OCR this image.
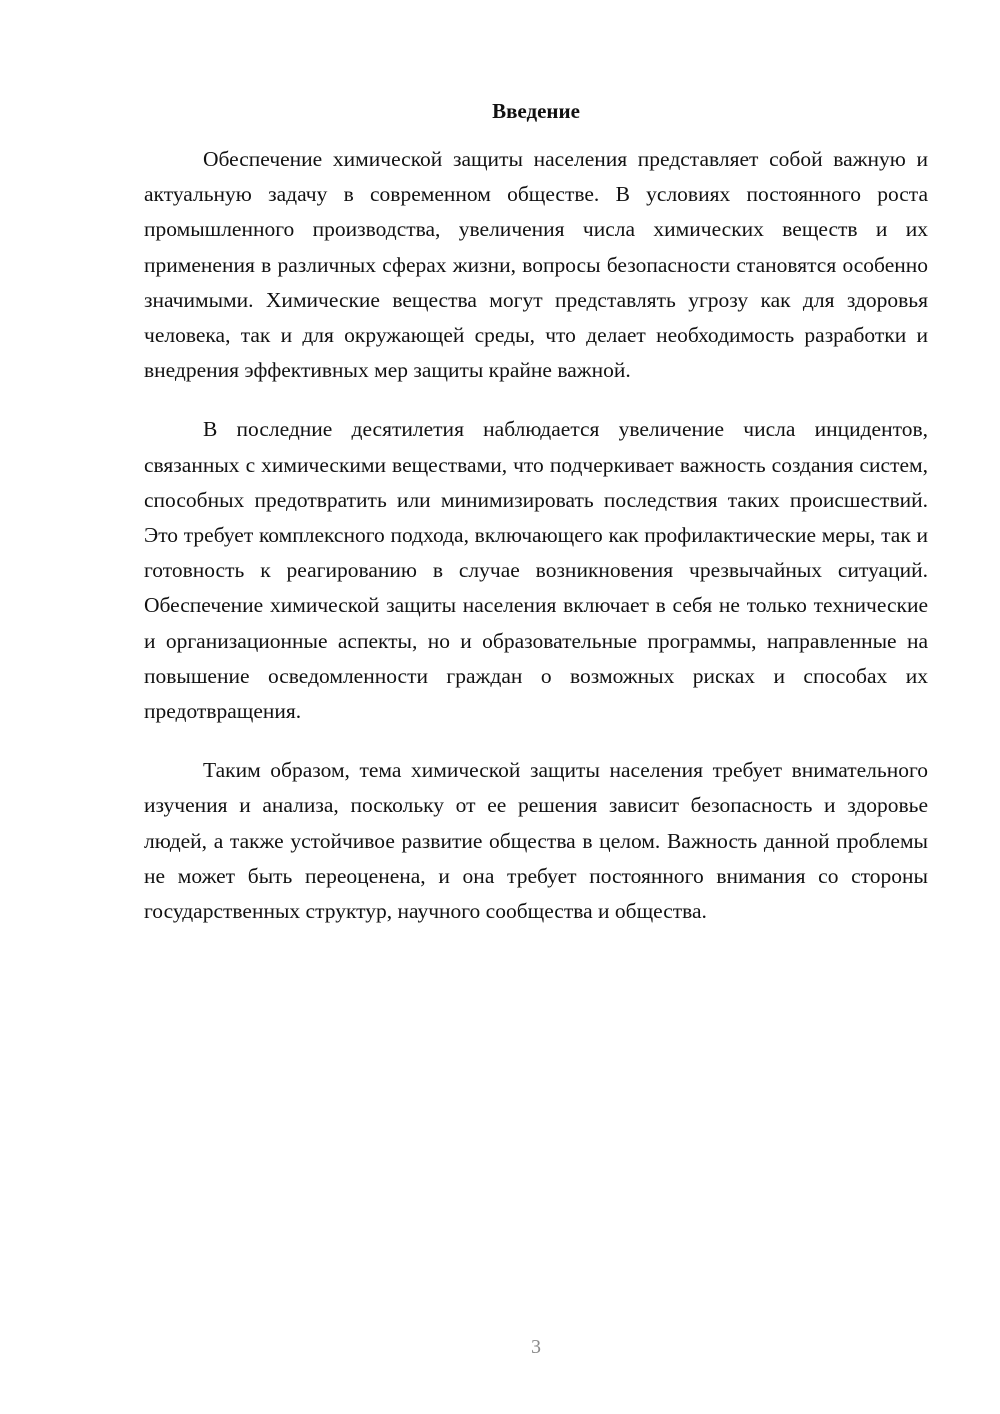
Введение

Обеспечение химической защиты населения представляет собой важную и актуальную задачу в современном обществе. В условиях постоянного роста промышленного производства, увеличения числа химических веществ и их применения в различных сферах жизни, вопросы безопасности становятся особенно значимыми. Химические вещества могут представлять угрозу как для здоровья человека, так и для окружающей среды, что делает необходимость разработки и внедрения эффективных мер защиты крайне важной.

В последние десятилетия наблюдается увеличение числа инцидентов, связанных с химическими веществами, что подчеркивает важность создания систем, способных предотвратить или минимизировать последствия таких происшествий. Это требует комплексного подхода, включающего как профилактические меры, так и готовность к реагированию в случае возникновения чрезвычайных ситуаций. Обеспечение химической защиты населения включает в себя не только технические и организационные аспекты, но и образовательные программы, направленные на повышение осведомленности граждан о возможных рисках и способах их предотвращения.

Таким образом, тема химической защиты населения требует внимательного изучения и анализа, поскольку от ее решения зависит безопасность и здоровье людей, а также устойчивое развитие общества в целом. Важность данной проблемы не может быть переоценена, и она требует постоянного внимания со стороны государственных структур, научного сообщества и общества.

3
